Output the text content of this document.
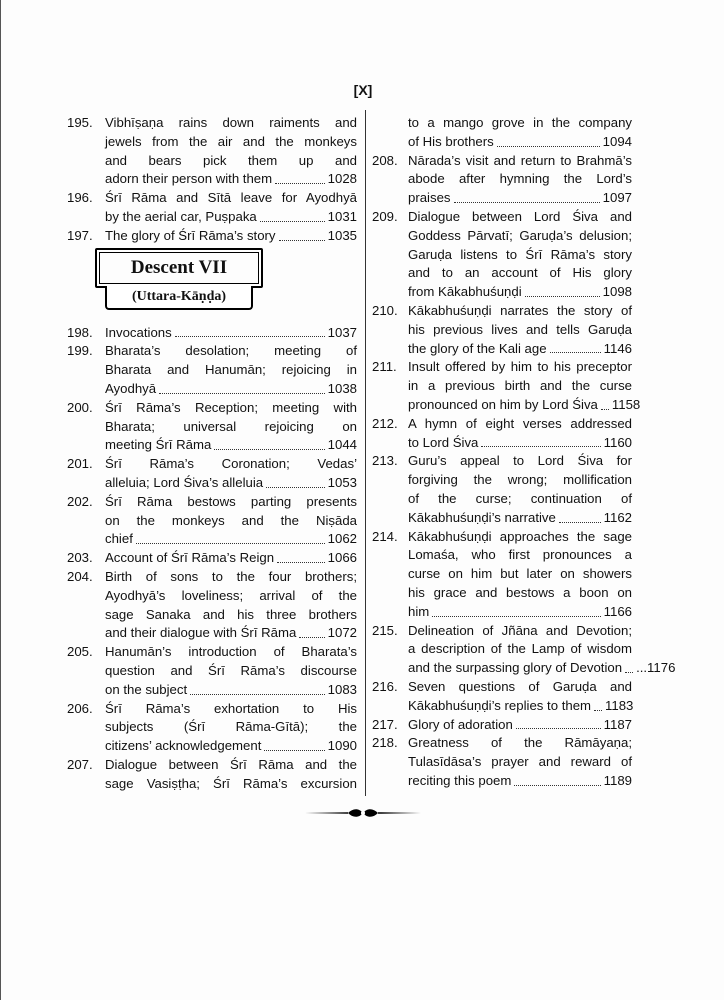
[X]
195. Vibhīṣaṇa rains down raiments and
jewels from the air and the monkeys
and bears pick them up and
adorn their person with them	1028
196. Śrī Rāma and Sītā leave for Ayodhyā
by the aerial car, Puṣpaka	1031
197. The glory of Śrī Rāma’s story	1035
Descent VII
(Uttara-Kāṇḍa)
198. Invocations	1037
199. Bharata’s desolation; meeting of
Bharata and Hanumān; rejoicing in
Ayodhyā	1038
200. Śrī Rāma’s Reception; meeting with
Bharata; universal rejoicing on
meeting Śrī Rāma	1044
201. Śrī Rāma’s Coronation; Vedas’
alleluia; Lord Śiva’s alleluia	1053
202. Śrī Rāma bestows parting presents
on the monkeys and the Niṣāda
chief	1062
203. Account of Śrī Rāma’s Reign	1066
204. Birth of sons to the four brothers;
Ayodhyā’s loveliness; arrival of the
sage Sanaka and his three brothers
and their dialogue with Śrī Rāma 1072
205. Hanumān’s introduction of Bharata’s
question and Śrī Rāma’s discourse
on the subject	1083
206. Śrī Rāma’s exhortation to His
subjects (Śrī Rāma-Gītā); the
citizens’ acknowledgement	1090
207. Dialogue between Śrī Rāma and the
sage Vasiṣṭha; Śrī Rāma’s excursion
to a mango grove in the company
of His brothers	1094
208. Nārada’s visit and return to Brahmā’s
abode after hymning the Lord’s
praises	1097
209. Dialogue between Lord Śiva and
Goddess Pārvatī; Garuḍa’s delusion;
Garuḍa listens to Śrī Rāma’s story
and to an account of His glory
from Kākabhuśuṇḍi	1098
210. Kākabhuśuṇḍi narrates the story of
his previous lives and tells Garuḍa
the glory of the Kali age	1146
211. Insult offered by him to his preceptor
in a previous birth and the curse
pronounced on him by Lord Śiva 1158
212. A hymn of eight verses addressed
to Lord Śiva	1160
213. Guru’s appeal to Lord Śiva for
forgiving the wrong; mollification
of the curse; continuation of
Kākabhuśuṇḍi’s narrative	1162
214. Kākabhuśuṇḍi approaches the sage
Lomaśa, who first pronounces a
curse on him but later on showers
his grace and bestows a boon on
him	1166
215. Delineation of Jñāna and Devotion;
a description of the Lamp of wisdom
and the surpassing glory of Devotion ...1176
216. Seven questions of Garuḍa and
Kākabhuśuṇḍi’s replies to them 1183
217. Glory of adoration	1187
218. Greatness of the Rāmāyaṇa;
Tulasīdāsa’s prayer and reward of
reciting this poem	1189
